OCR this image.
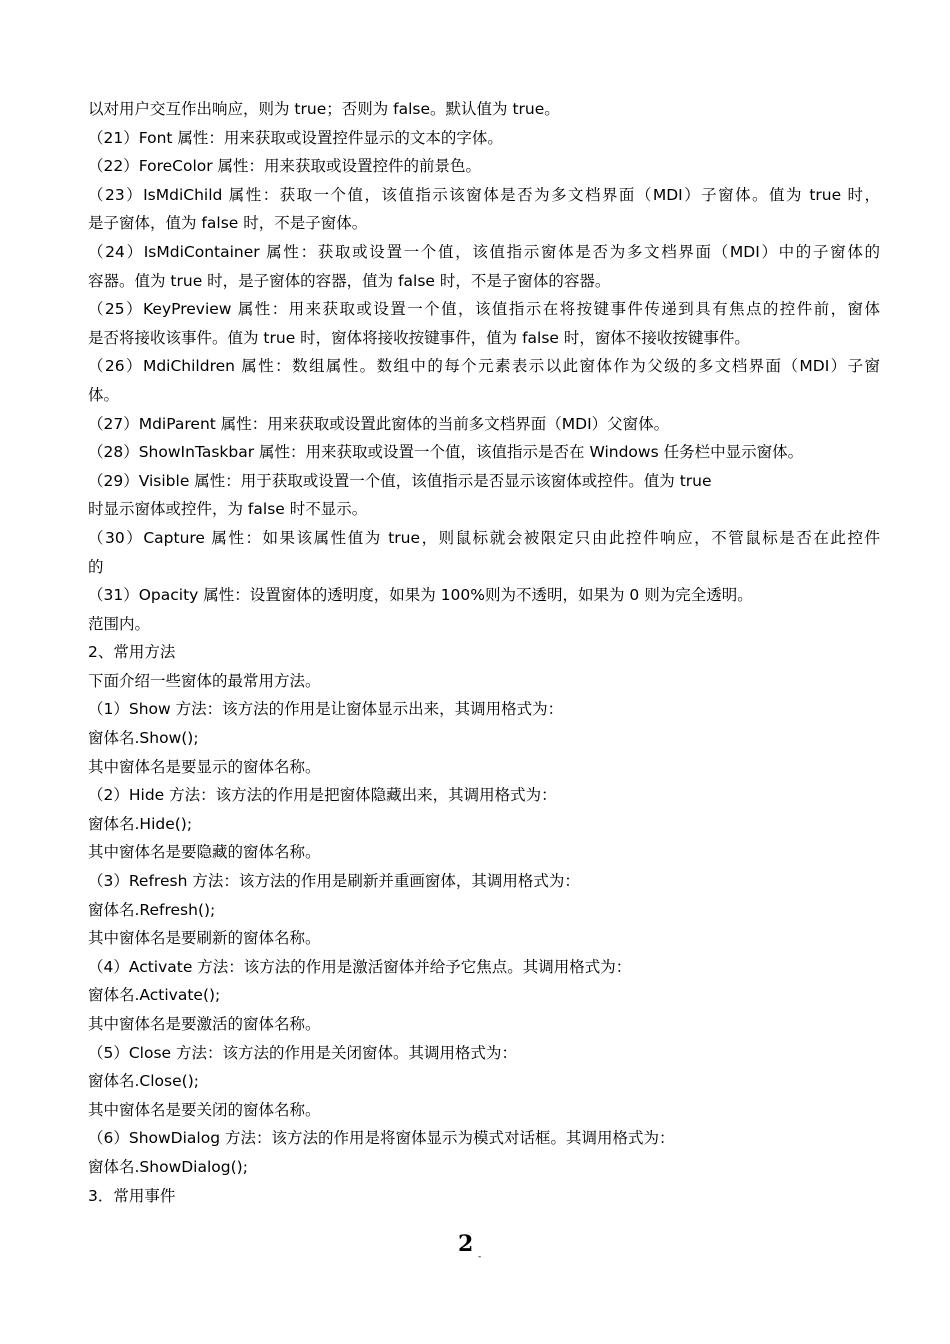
以对用户交互作出响应，则为 true；否则为 false。默认值为 true。
（21）Font 属性：用来获取或设置控件显示的文本的字体。
（22）ForeColor 属性：用来获取或设置控件的前景色。
（23）IsMdiChild 属性：获取一个值，该值指示该窗体是否为多文档界面（MDI）子窗体。值为 true 时，
是子窗体，值为 false 时，不是子窗体。
（24）IsMdiContainer 属性：获取或设置一个值，该值指示窗体是否为多文档界面（MDI）中的子窗体的
容器。值为 true 时，是子窗体的容器，值为 false 时，不是子窗体的容器。
（25）KeyPreview 属性：用来获取或设置一个值，该值指示在将按键事件传递到具有焦点的控件前，窗体
是否将接收该事件。值为 true 时，窗体将接收按键事件，值为 false 时，窗体不接收按键事件。
（26）MdiChildren 属性：数组属性。数组中的每个元素表示以此窗体作为父级的多文档界面（MDI）子窗
体。
（27）MdiParent 属性：用来获取或设置此窗体的当前多文档界面（MDI）父窗体。
（28）ShowInTaskbar 属性：用来获取或设置一个值，该值指示是否在 Windows 任务栏中显示窗体。
（29）Visible 属性：用于获取或设置一个值，该值指示是否显示该窗体或控件。值为 true
时显示窗体或控件，为 false 时不显示。
（30）Capture 属性：如果该属性值为 true，则鼠标就会被限定只由此控件响应，不管鼠标是否在此控件
的
（31）Opacity 属性：设置窗体的透明度，如果为 100%则为不透明，如果为 0 则为完全透明。
范围内。
2、常用方法
下面介绍一些窗体的最常用方法。
（1）Show 方法：该方法的作用是让窗体显示出来，其调用格式为：
窗体名.Show();
其中窗体名是要显示的窗体名称。
（2）Hide 方法：该方法的作用是把窗体隐藏出来，其调用格式为：
窗体名.Hide();
其中窗体名是要隐藏的窗体名称。
（3）Refresh 方法：该方法的作用是刷新并重画窗体，其调用格式为：
窗体名.Refresh();
其中窗体名是要刷新的窗体名称。
（4）Activate 方法：该方法的作用是激活窗体并给予它焦点。其调用格式为：
窗体名.Activate();
其中窗体名是要激活的窗体名称。
（5）Close 方法：该方法的作用是关闭窗体。其调用格式为：
窗体名.Close();
其中窗体名是要关闭的窗体名称。
（6）ShowDialog 方法：该方法的作用是将窗体显示为模式对话框。其调用格式为：
窗体名.ShowDialog();
3．常用事件
2 -
